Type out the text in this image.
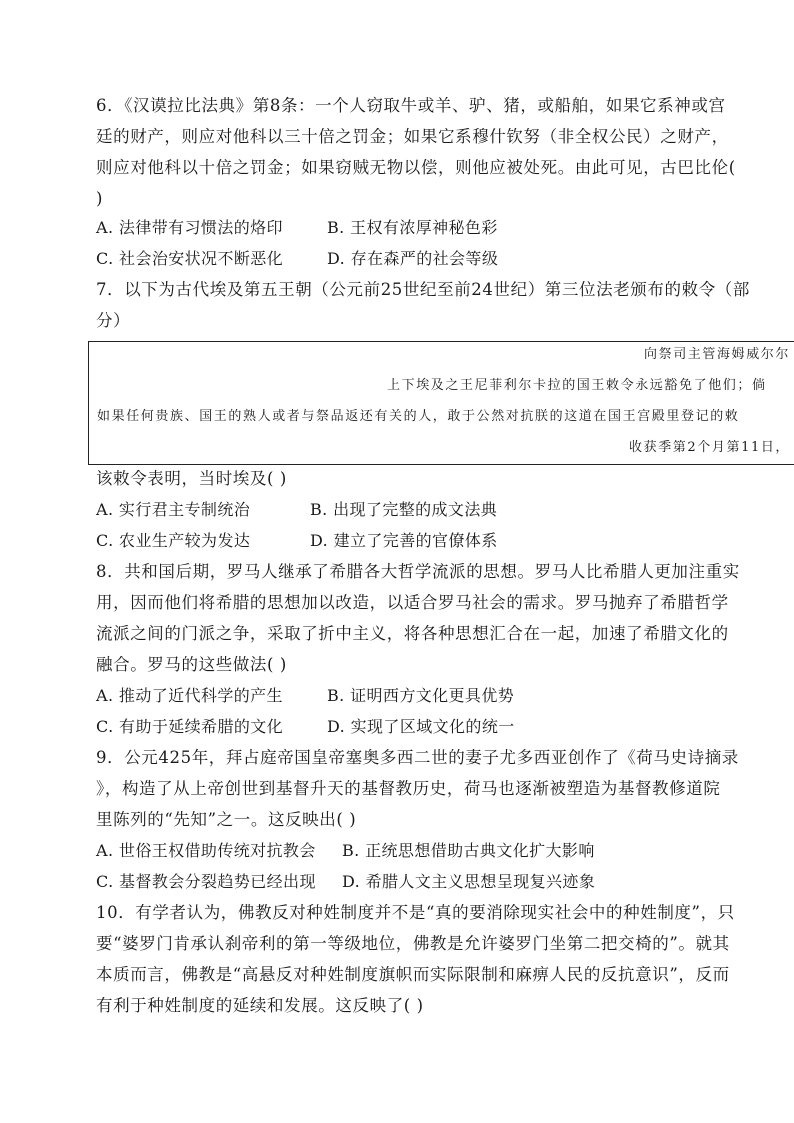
6．《汉谟拉比法典》第8条：一个人窃取牛或羊、驴、猪，或船舶，如果它系神或宫

廷的财产，则应对他科以三十倍之罚金；如果它系穆什钦努（非全权公民）之财产，

则应对他科以十倍之罚金；如果窃贼无物以偿，则他应被处死。由此可见，古巴比伦(

)

A. 法律带有习惯法的烙印	B. 王权有浓厚神秘色彩
C. 社会治安状况不断恶化	D. 存在森严的社会等级

7．以下为古代埃及第五王朝（公元前25世纪至前24世纪）第三位法老颁布的敕令（部

分）

向祭司主管海姆威尔尔
上下埃及之王尼菲利尔卡拉的国王敕令永远豁免了他们；倘
如果任何贵族、国王的熟人或者与祭品返还有关的人，敢于公然对抗朕的这道在国王宫殿里登记的敕
收获季第2个月第11日，

该敕令表明，当时埃及( )

A. 实行君主专制统治	B. 出现了完整的成文法典
C. 农业生产较为发达	D. 建立了完善的官僚体系

8．共和国后期，罗马人继承了希腊各大哲学流派的思想。罗马人比希腊人更加注重实

用，因而他们将希腊的思想加以改造，以适合罗马社会的需求。罗马抛弃了希腊哲学

流派之间的门派之争，采取了折中主义，将各种思想汇合在一起，加速了希腊文化的

融合。罗马的这些做法( )

A. 推动了近代科学的产生	B. 证明西方文化更具优势
C. 有助于延续希腊的文化	D. 实现了区域文化的统一

9．公元425年，拜占庭帝国皇帝塞奥多西二世的妻子尤多西亚创作了《荷马史诗摘录

》，构造了从上帝创世到基督升天的基督教历史，荷马也逐渐被塑造为基督教修道院

里陈列的“先知”之一。这反映出( )

A. 世俗王权借助传统对抗教会 B. 正统思想借助古典文化扩大影响
C. 基督教会分裂趋势已经出现 D. 希腊人文主义思想呈现复兴迹象

10．有学者认为，佛教反对种姓制度并不是“真的要消除现实社会中的种姓制度”，只

要“婆罗门肯承认刹帝利的第一等级地位，佛教是允许婆罗门坐第二把交椅的”。就其

本质而言，佛教是“高悬反对种姓制度旗帜而实际限制和麻痹人民的反抗意识”，反而

有利于种姓制度的延续和发展。这反映了( )
